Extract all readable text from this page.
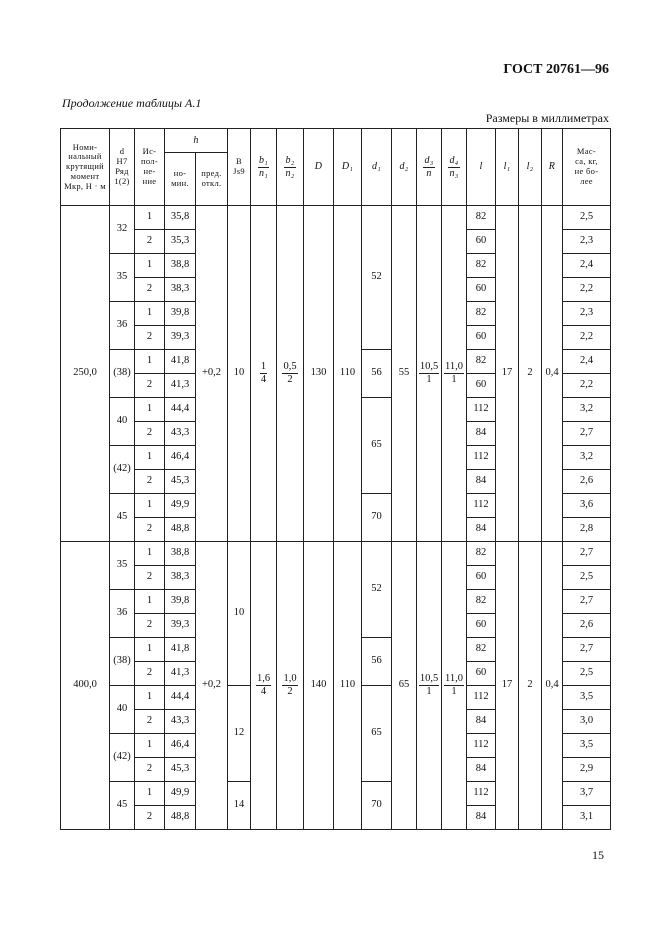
ГОСТ 20761—96
Продолжение таблицы А.1
Размеры в миллиметрах
Номи-
нальный
крутящий
момент
Mкр, Н · м	d
H7
Ряд
1(2)	Ис-
пол-
не-
ние	h		B
Js9	$\frac{\text{b₁}}{\text{n₁}}$	$\frac{\text{b₂}}{\text{n₂}}$	D	D₁	d₁	d₂	$\frac{\text{d₃}}{n}$	$\frac{\text{d₄}}{\text{n₃}}$	l	l₁	l₂	R	Мас-
са, кг,
не бо-
лее

			но-
мин.	пред.
откл.														

250,0	32	1	35,8	+0,2	10	$\frac{1}{4}$	$\frac{0,5}{2}$	130	110	52	55	$\frac{10,5}{1}$	$\frac{11,0}{1}$	82	17	2	0,4	2,5
		2	35,3											60				2,3
	35	1	38,8											82				2,4
		2	38,3											60				2,2
	36	1	39,8											82				2,3
		2	39,3											60				2,2
	(38)	1	41,8							56				82				2,4
		2	41,3											60				2,2
	40	1	44,4							65				112				3,2
		2	43,3											84				2,7
	(42)	1	46,4											112				3,2
		2	45,3											84				2,6
	45	1	49,9							70				112				3,6
		2	48,8											84				2,8
400,0	35	1	38,8	+0,2	10	$\frac{1,6}{4}$	$\frac{1,0}{2}$	140	110	52	65	$\frac{10,5}{1}$	$\frac{11,0}{1}$	82	17	2	0,4	2,7
		2	38,3											60				2,5
	36	1	39,8											82				2,7
		2	39,3											60				2,6
	(38)	1	41,8							56				82				2,7
		2	41,3											60				2,5
	40	1	44,4		12					65				112				3,5
		2	43,3											84				3,0
	(42)	1	46,4											112				3,5
		2	45,3											84				2,9
	45	1	49,9		14					70				112				3,7
		2	48,8											84				3,1
15
